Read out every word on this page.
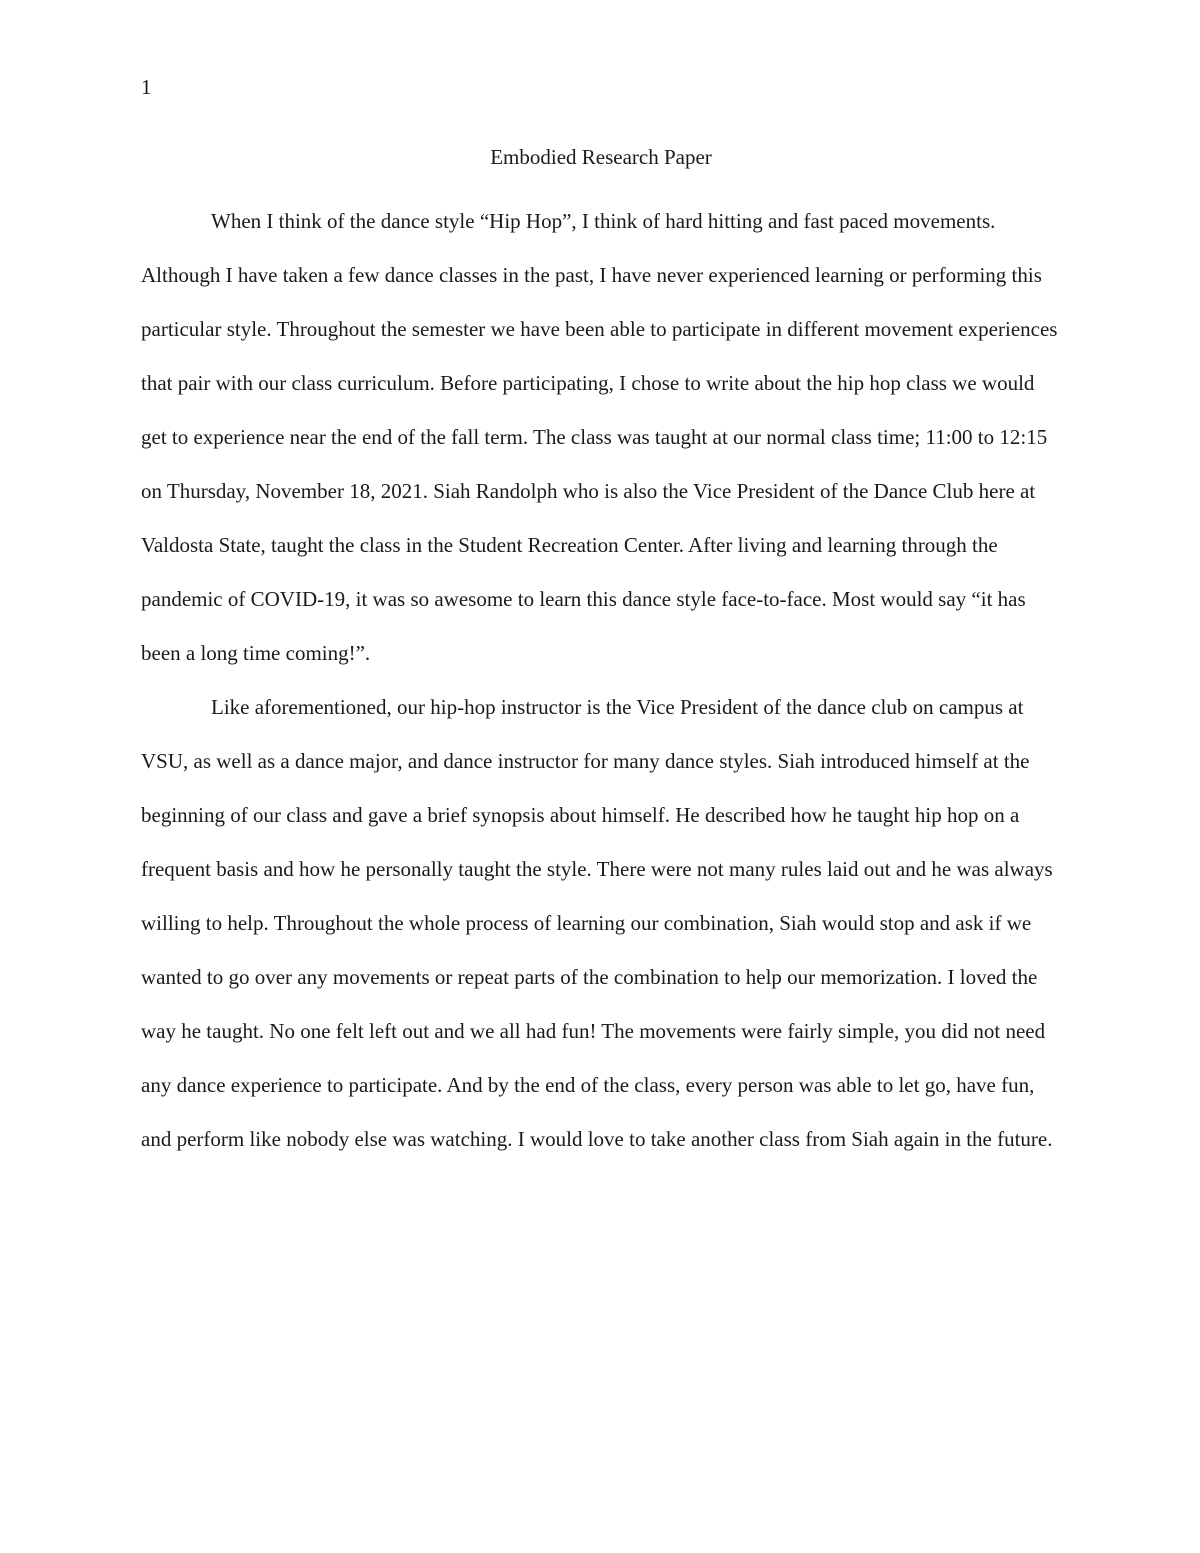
1

Embodied Research Paper

When I think of the dance style “Hip Hop”, I think of hard hitting and fast paced movements. Although I have taken a few dance classes in the past, I have never experienced learning or performing this particular style. Throughout the semester we have been able to participate in different movement experiences that pair with our class curriculum. Before participating, I chose to write about the hip hop class we would get to experience near the end of the fall term. The class was taught at our normal class time; 11:00 to 12:15 on Thursday, November 18, 2021. Siah Randolph who is also the Vice President of the Dance Club here at Valdosta State, taught the class in the Student Recreation Center. After living and learning through the pandemic of COVID-19, it was so awesome to learn this dance style face-to-face. Most would say “it has been a long time coming!”.

Like aforementioned, our hip-hop instructor is the Vice President of the dance club on campus at VSU, as well as a dance major, and dance instructor for many dance styles. Siah introduced himself at the beginning of our class and gave a brief synopsis about himself. He described how he taught hip hop on a frequent basis and how he personally taught the style. There were not many rules laid out and he was always willing to help. Throughout the whole process of learning our combination, Siah would stop and ask if we wanted to go over any movements or repeat parts of the combination to help our memorization. I loved the way he taught. No one felt left out and we all had fun! The movements were fairly simple, you did not need any dance experience to participate. And by the end of the class, every person was able to let go, have fun, and perform like nobody else was watching. I would love to take another class from Siah again in the future.
